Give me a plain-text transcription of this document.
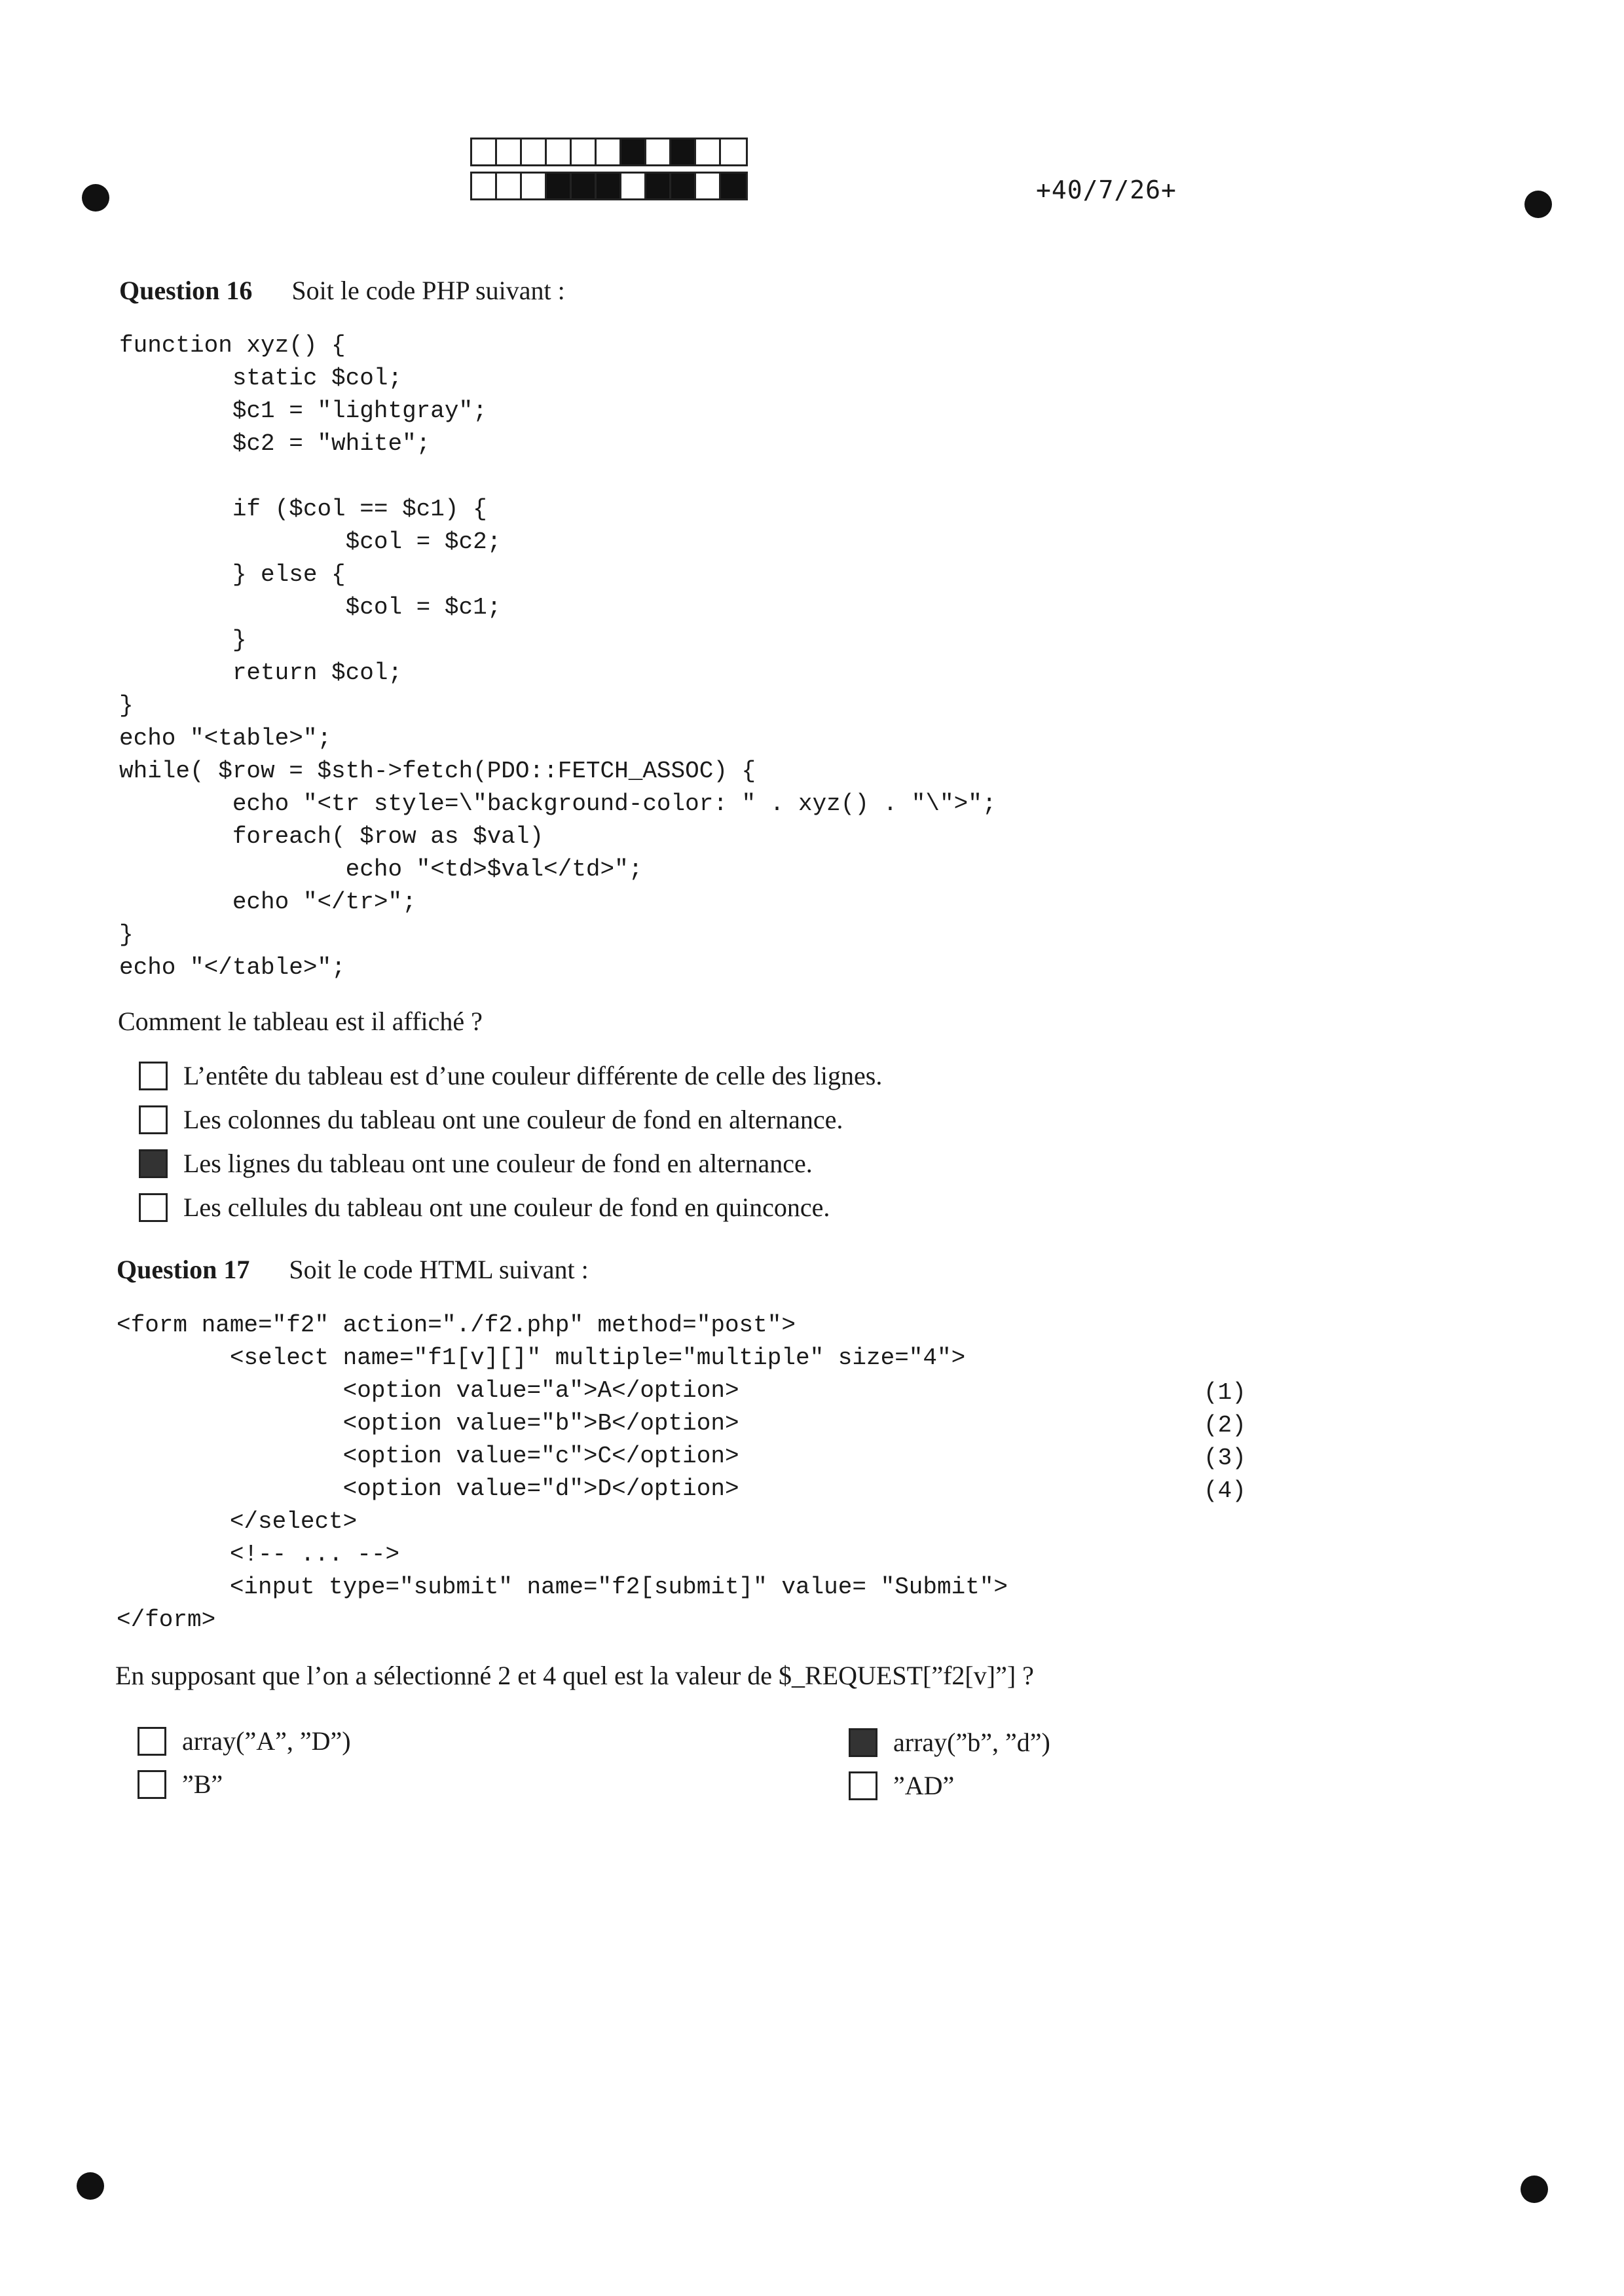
+40/7/26+
Question 16 Soit le code PHP suivant :
function xyz() {
static $col;
$c1 = "lightgray";
$c2 = "white";

if ($col == $c1) {
$col = $c2;
} else {
$col = $c1;
}
return $col;
}
echo "<table>";
while( $row = $sth->fetch(PDO::FETCH_ASSOC) {
echo "<tr style=\"background-color: " . xyz() . "\">";
foreach( $row as $val)
echo "<td>$val</td>";
echo "</tr>";
}
echo "</table>";
Comment le tableau est il affiché ?
L’entête du tableau est d’une couleur différente de celle des lignes.
Les colonnes du tableau ont une couleur de fond en alternance.
Les lignes du tableau ont une couleur de fond en alternance.
Les cellules du tableau ont une couleur de fond en quinconce.
Question 17 Soit le code HTML suivant :
<form name="f2" action="./f2.php" method="post">
<select name="f1[v][]" multiple="multiple" size="4">
<option value="a">A</option>
<option value="b">B</option>
<option value="c">C</option>
<option value="d">D</option>
</select>
<!-- ... -->
<input type="submit" name="f2[submit]" value= "Submit">
</form>
(1)
(2)
(3)
(4)
En supposant que l’on a sélectionné 2 et 4 quel est la valeur de $_REQUEST[”f2[v]”] ?
array(”A”, ”D”)	array(”b”, ”d”)
”B”	”AD”
